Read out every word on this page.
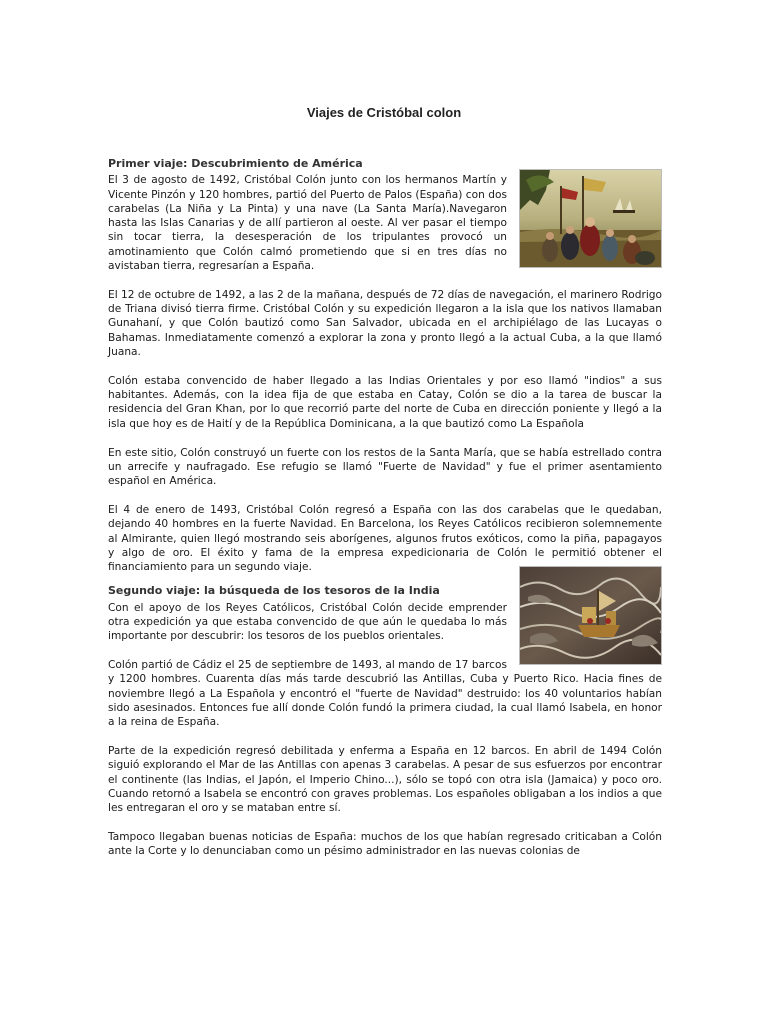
Viajes de Cristóbal colon
Primer viaje: Descubrimiento de América

El 3 de agosto de 1492, Cristóbal Colón junto con los hermanos Martín y Vicente Pinzón y 120 hombres, partió del Puerto de Palos (España) con dos carabelas (La Niña y La Pinta) y una nave (La Santa María).Navegaron hasta las Islas Canarias y de allí partieron al oeste. Al ver pasar el tiempo sin tocar tierra, la desesperación de los tripulantes provocó un amotinamiento que Colón calmó prometiendo que si en tres días no avistaban tierra, regresarían a España.

El 12 de octubre de 1492, a las 2 de la mañana, después de 72 días de navegación, el marinero Rodrigo de Triana divisó tierra firme. Cristóbal Colón y su expedición llegaron a la isla que los nativos llamaban Gunahaní, y que Colón bautizó como San Salvador, ubicada en el archipiélago de las Lucayas o Bahamas. Inmediatamente comenzó a explorar la zona y pronto llegó a la actual Cuba, a la que llamó Juana.

Colón estaba convencido de haber llegado a las Indias Orientales y por eso llamó "indios" a sus habitantes. Además, con la idea fija de que estaba en Catay, Colón se dio a la tarea de buscar la residencia del Gran Khan, por lo que recorrió parte del norte de Cuba en dirección poniente y llegó a la isla que hoy es de Haití y de la República Dominicana, a la que bautizó como La Española

En este sitio, Colón construyó un fuerte con los restos de la Santa María, que se había estrellado contra un arrecife y naufragado. Ese refugio se llamó "Fuerte de Navidad" y fue el primer asentamiento español en América.

El 4 de enero de 1493, Cristóbal Colón regresó a España con las dos carabelas que le quedaban, dejando 40 hombres en la fuerte Navidad. En Barcelona, los Reyes Católicos recibieron solemnemente al Almirante, quien llegó mostrando seis aborígenes, algunos frutos exóticos, como la piña, papagayos y algo de oro. El éxito y fama de la empresa expedicionaria de Colón le permitió obtener el financiamiento para un segundo viaje.

Segundo viaje: la búsqueda de los tesoros de la India

Con el apoyo de los Reyes Católicos, Cristóbal Colón decide emprender otra expedición ya que estaba convencido de que aún le quedaba lo más importante por descubrir: los tesoros de los pueblos orientales.

Colón partió de Cádiz el 25 de septiembre de 1493, al mando de 17 barcos y 1200 hombres. Cuarenta días más tarde descubrió las Antillas, Cuba y Puerto Rico. Hacia fines de noviembre llegó a La Española y encontró el "fuerte de Navidad" destruido: los 40 voluntarios habían sido asesinados. Entonces fue allí donde Colón fundó la primera ciudad, la cual llamó Isabela, en honor a la reina de España.

Parte de la expedición regresó debilitada y enferma a España en 12 barcos. En abril de 1494 Colón siguió explorando el Mar de las Antillas con apenas 3 carabelas. A pesar de sus esfuerzos por encontrar el continente (las Indias, el Japón, el Imperio Chino...), sólo se topó con otra isla (Jamaica) y poco oro. Cuando retornó a Isabela se encontró con graves problemas. Los españoles obligaban a los indios a que les entregaran el oro y se mataban entre sí.

Tampoco llegaban buenas noticias de España: muchos de los que habían regresado criticaban a Colón ante la Corte y lo denunciaban como un pésimo administrador en las nuevas colonias de
